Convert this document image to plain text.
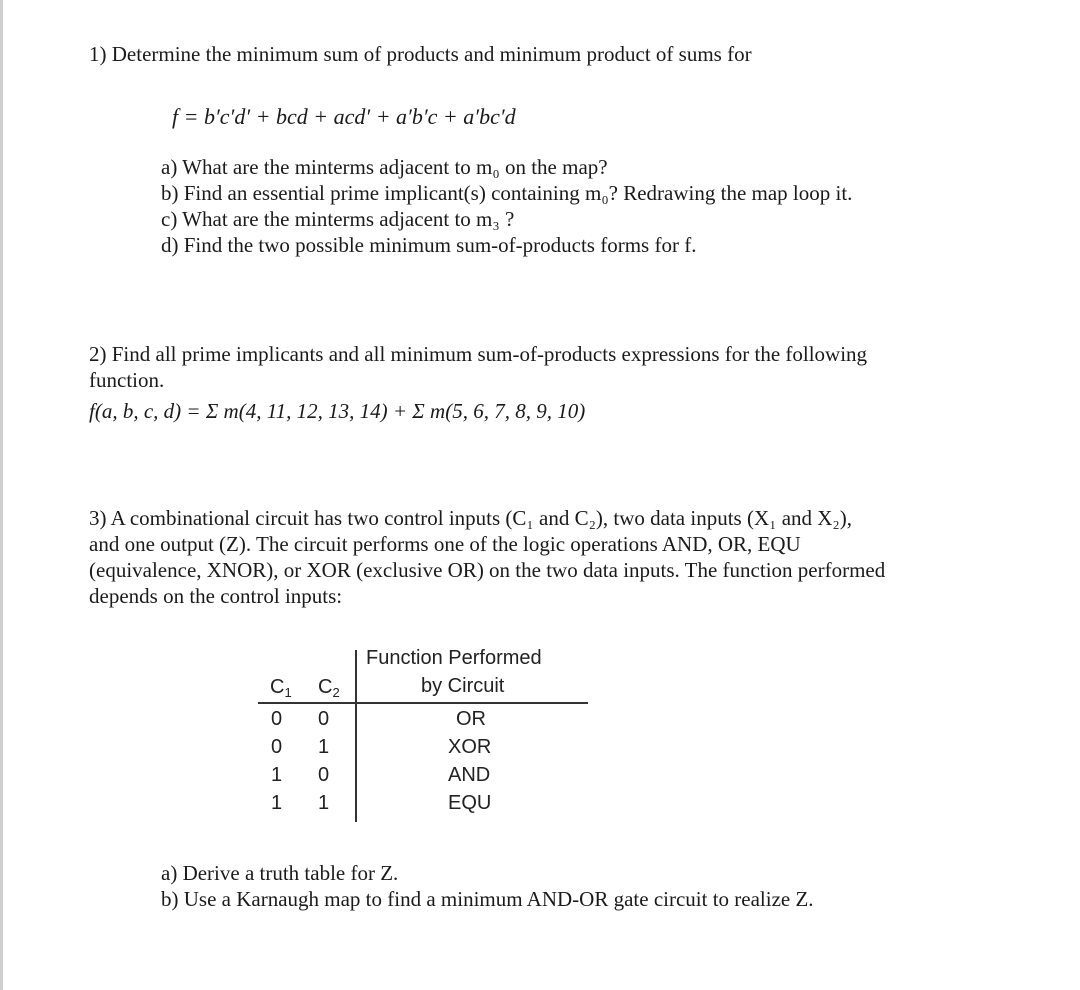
1) Determine the minimum sum of products and minimum product of sums for
f = b′c′d′ + bcd + acd′ + a′b′c + a′bc′d
a) What are the minterms adjacent to m₀ on the map?
b) Find an essential prime implicant(s) containing m₀? Redrawing the map loop it.
c) What are the minterms adjacent to m₃ ?
d) Find the two possible minimum sum-of-products forms for f.
2) Find all prime implicants and all minimum sum-of-products expressions for the following
function.
f(a, b, c, d) = Σ m(4, 11, 12, 13, 14) + Σ m(5, 6, 7, 8, 9, 10)
3) A combinational circuit has two control inputs (C₁ and C₂), two data inputs (X₁ and X₂),
and one output (Z). The circuit performs one of the logic operations AND, OR, EQU
(equivalence, XNOR), or XOR (exclusive OR) on the two data inputs. The function performed
depends on the control inputs:
Function Performed
by Circuit
$C_1$ $C_2$
0 0	OR
0 1	XOR
1 0	AND
1 1	EQU
a) Derive a truth table for Z.
b) Use a Karnaugh map to find a minimum AND-OR gate circuit to realize Z.
